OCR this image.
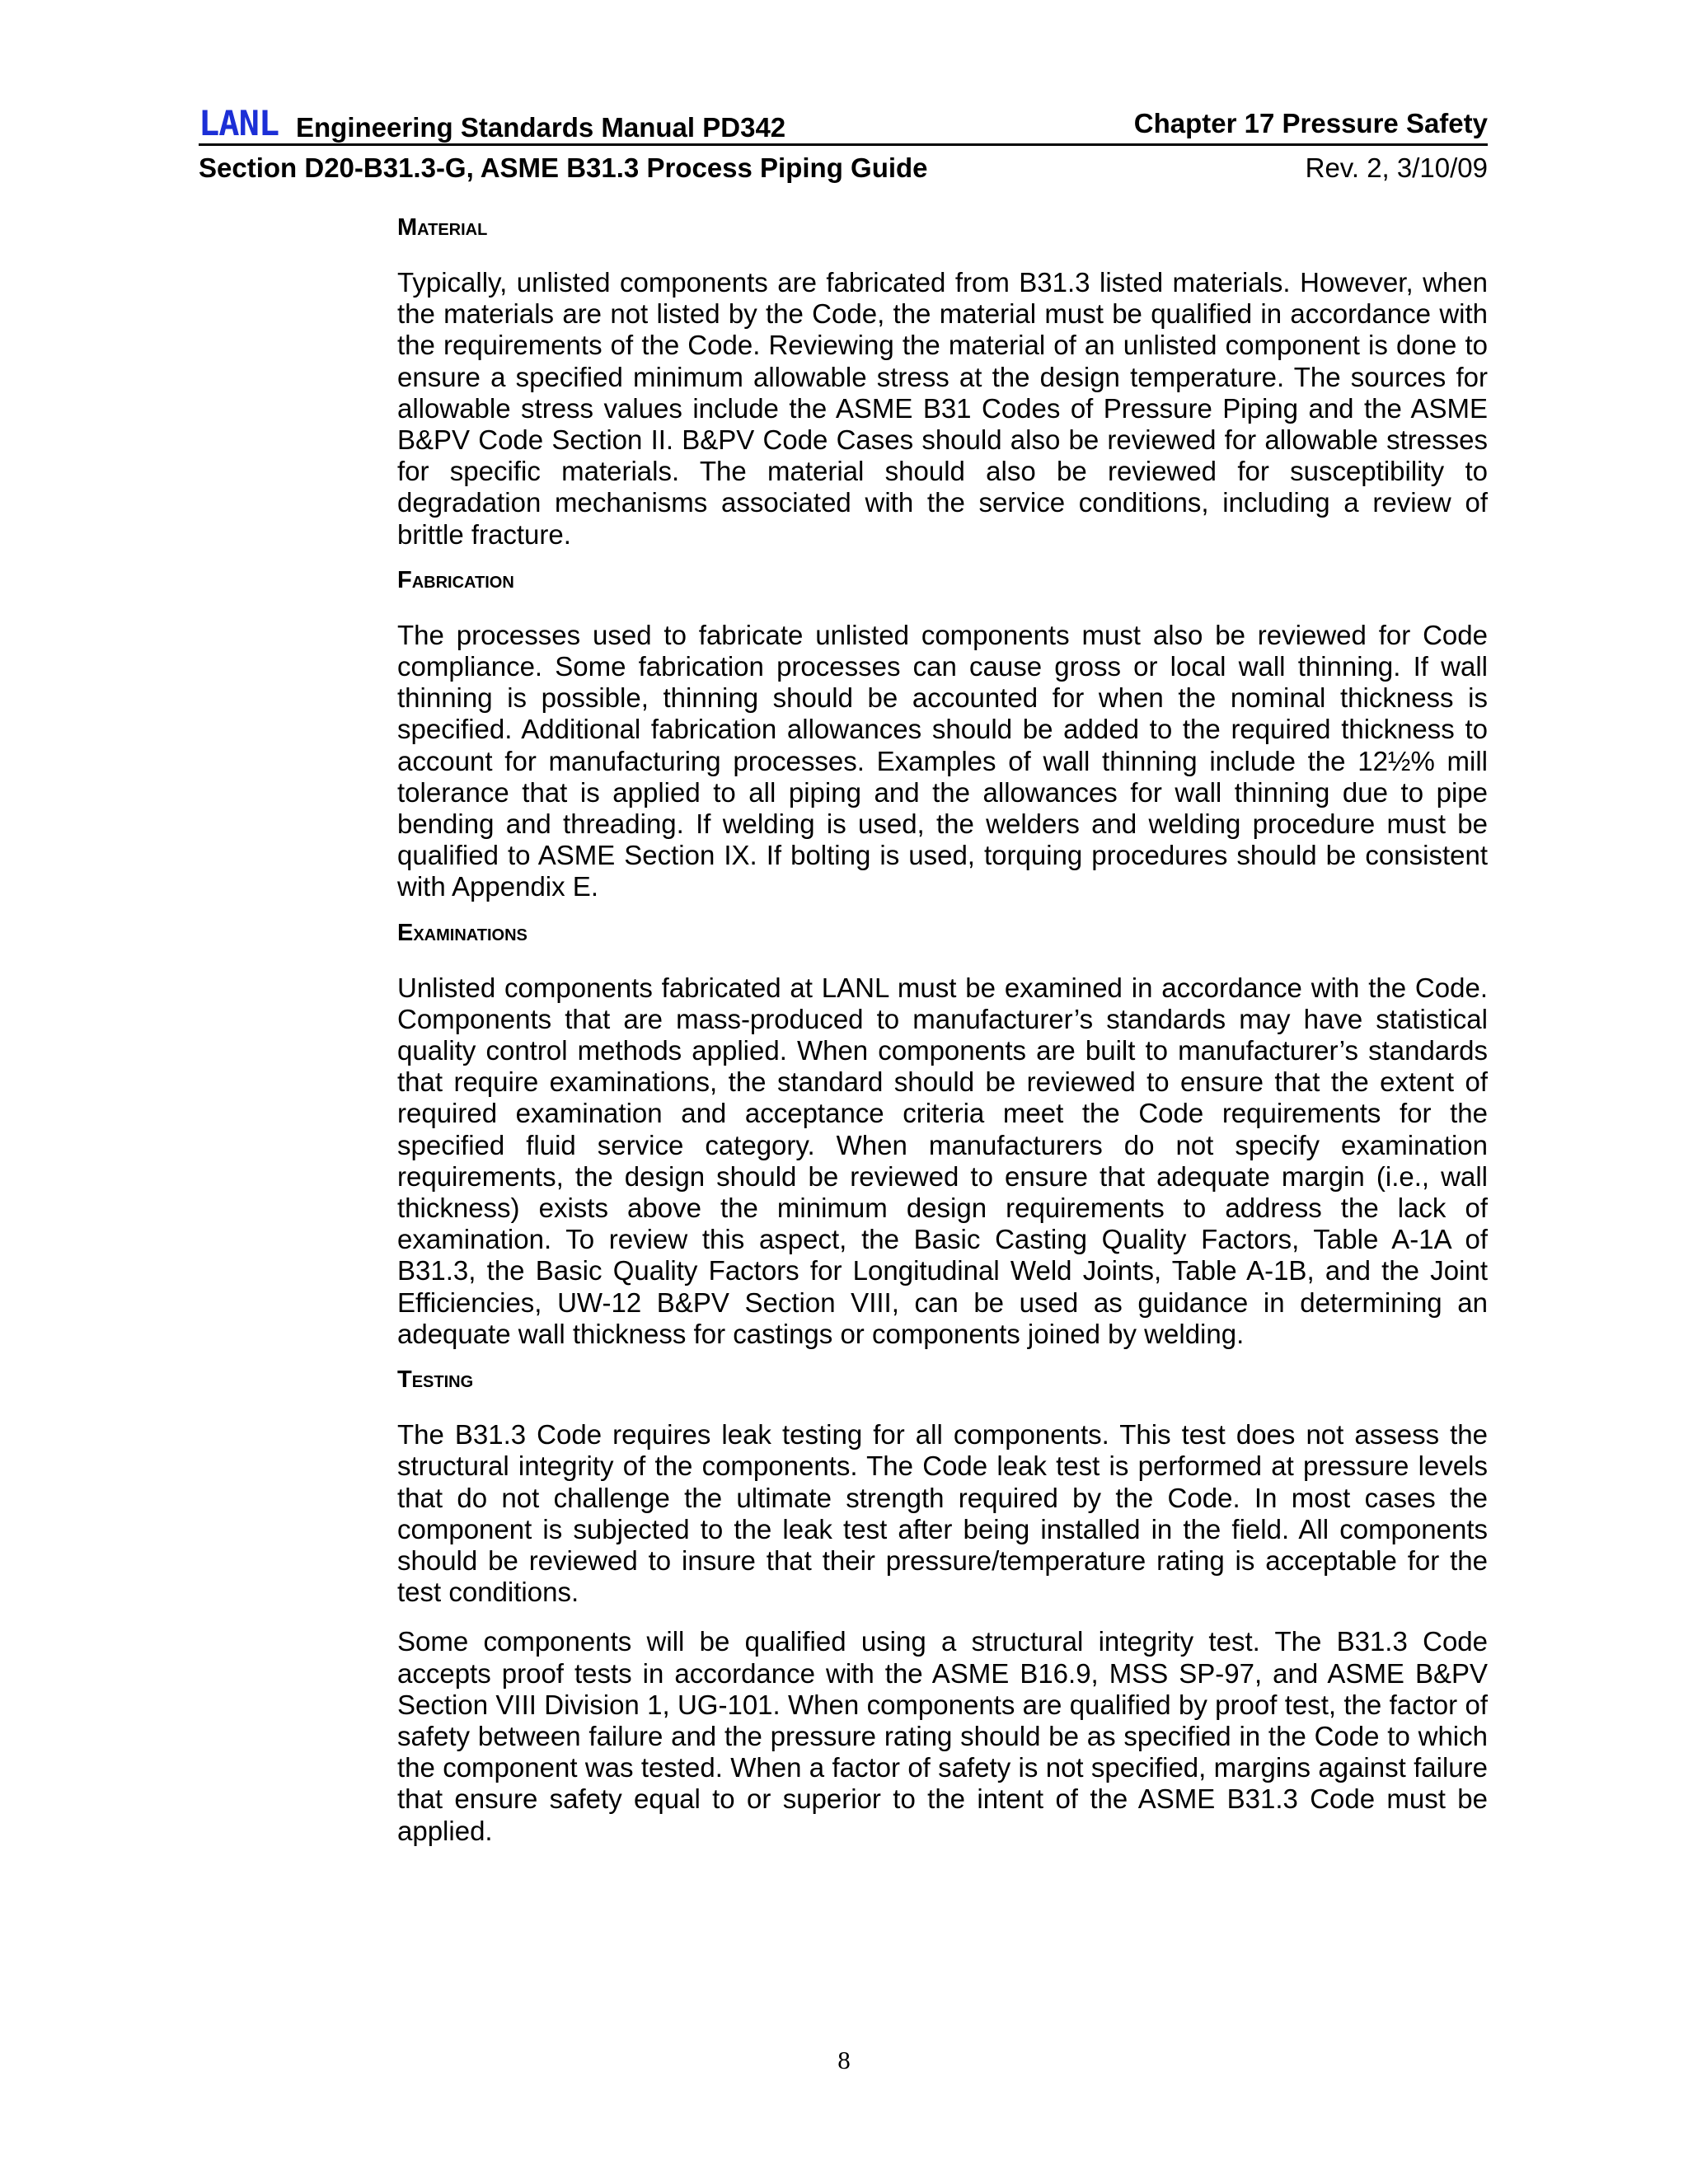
LANL Engineering Standards Manual PD342	Chapter 17 Pressure Safety
Section D20-B31.3-G, ASME B31.3 Process Piping Guide	Rev. 2, 3/10/09
Material

Typically, unlisted components are fabricated from B31.3 listed materials. However, when the materials are not listed by the Code, the material must be qualified in accordance with the requirements of the Code. Reviewing the material of an unlisted component is done to ensure a specified minimum allowable stress at the design temperature. The sources for allowable stress values include the ASME B31 Codes of Pressure Piping and the ASME B&PV Code Section II. B&PV Code Cases should also be reviewed for allowable stresses for specific materials. The material should also be reviewed for susceptibility to degradation mechanisms associated with the service conditions, including a review of brittle fracture.

Fabrication

The processes used to fabricate unlisted components must also be reviewed for Code compliance. Some fabrication processes can cause gross or local wall thinning. If wall thinning is possible, thinning should be accounted for when the nominal thickness is specified. Additional fabrication allowances should be added to the required thickness to account for manufacturing processes. Examples of wall thinning include the 12½% mill tolerance that is applied to all piping and the allowances for wall thinning due to pipe bending and threading. If welding is used, the welders and welding procedure must be qualified to ASME Section IX. If bolting is used, torquing procedures should be consistent with Appendix E.

Examinations

Unlisted components fabricated at LANL must be examined in accordance with the Code. Components that are mass-produced to manufacturer’s standards may have statistical quality control methods applied. When components are built to manufacturer’s standards that require examinations, the standard should be reviewed to ensure that the extent of required examination and acceptance criteria meet the Code requirements for the specified fluid service category. When manufacturers do not specify examination requirements, the design should be reviewed to ensure that adequate margin (i.e., wall thickness) exists above the minimum design requirements to address the lack of examination. To review this aspect, the Basic Casting Quality Factors, Table A-1A of B31.3, the Basic Quality Factors for Longitudinal Weld Joints, Table A-1B, and the Joint Efficiencies, UW-12 B&PV Section VIII, can be used as guidance in determining an adequate wall thickness for castings or components joined by welding.

Testing

The B31.3 Code requires leak testing for all components. This test does not assess the structural integrity of the components. The Code leak test is performed at pressure levels that do not challenge the ultimate strength required by the Code. In most cases the component is subjected to the leak test after being installed in the field. All components should be reviewed to insure that their pressure/temperature rating is acceptable for the test conditions.

Some components will be qualified using a structural integrity test. The B31.3 Code accepts proof tests in accordance with the ASME B16.9, MSS SP-97, and ASME B&PV Section VIII Division 1, UG-101. When components are qualified by proof test, the factor of safety between failure and the pressure rating should be as specified in the Code to which the component was tested. When a factor of safety is not specified, margins against failure that ensure safety equal to or superior to the intent of the ASME B31.3 Code must be applied.

8
